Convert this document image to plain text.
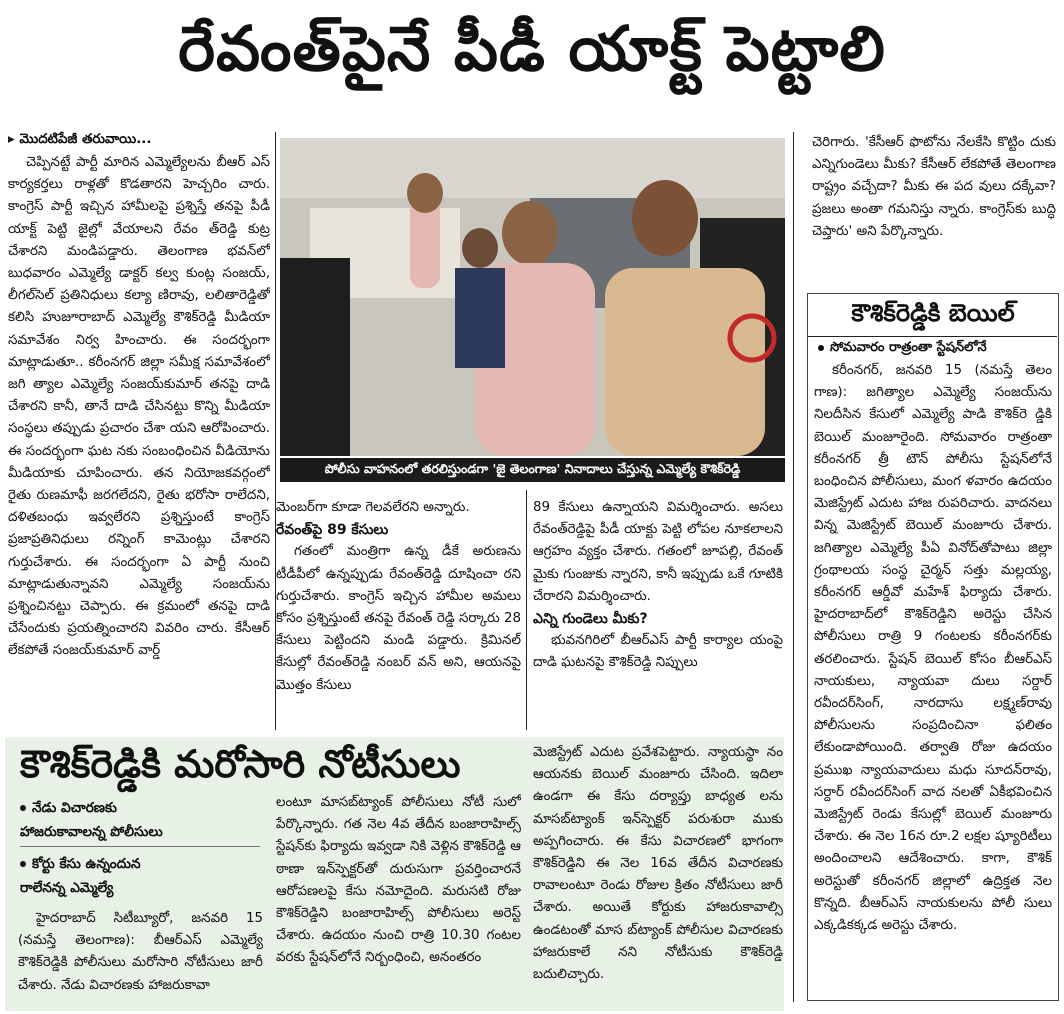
రేవంత్‌పైనే పీడీ యాక్ట్ పెట్టాలి
▸ మొదటిపేజీ తరువాయి...

చెప్పినట్టే పార్టీ మారిన ఎమ్మెల్యేలను బీఆర్ ఎస్ కార్యకర్తలు రాళ్లతో కొడతారని హెచ్చరిం చారు. కాంగ్రెస్ పార్టీ ఇచ్చిన హామీలపై ప్రశ్నిస్తే తనపై పీడీ యాక్ట్ పెట్టి జైల్లో వేయాలని రేవం త్‌రెడ్డి కుట్ర చేశారని మండిపడ్డారు. తెలంగాణ భవన్‌లో బుధవారం ఎమ్మెల్యే డాక్టర్ కల్వ కుంట్ల సంజయ్, లీగల్‌సెల్ ప్రతినిధులు కల్యా ణిరావు, లలితారెడ్డితో కలిసి హుజూరాబాద్ ఎమ్మెల్యే కౌశిక్‌రెడ్డి మీడియా సమావేశం నిర్వ హించారు. ఈ సందర్భంగా మాట్లాడుతూ.. కరీంనగర్ జిల్లా సమీక్ష సమావేశంలో జగి త్యాల ఎమ్మెల్యే సంజయ్‌కుమార్ తనపై దాడి చేశారని కానీ, తానే దాడి చేసినట్టు కొన్ని మీడియా సంస్థలు తప్పుడు ప్రచారం చేశా యని ఆరోపించారు. ఈ సందర్భంగా ఘట నకు సంబంధించిన వీడియోను మీడియాకు చూపించారు. తన నియోజకవర్గంలో రైతు రుణమాఫీ జరగలేదని, రైతు భరోసా రాలేదని, దళితబంధు ఇవ్వలేరని ప్రశ్నిస్తుంటే కాంగ్రెస్ ప్రజాప్రతినిధులు రన్నింగ్ కామెంట్లు చేశారని గుర్తుచేశారు. ఈ సందర్భంగా ఏ పార్టీ నుంచి మాట్లాడుతున్నావని ఎమ్మెల్యే సంజయ్‌ను ప్రశ్నించినట్టు చెప్పారు. ఈ క్రమంలో తనపై దాడి చేసేందుకు ప్రయత్నించారని వివరిం చారు. కేసీఆర్ లేకపోతే సంజయ్‌కుమార్ వార్డ్

పోలీసు వాహనంలో తరలిస్తుండగా 'జై తెలంగాణ' నినాదాలు చేస్తున్న ఎమ్మెల్యే కౌశిక్‌రెడ్డి

మెంబర్‌గా కూడా గెలవలేరని అన్నారు.

రేవంత్‌పై 89 కేసులు

గతంలో మంత్రిగా ఉన్న డీకే అరుణను టీడీపీలో ఉన్నప్పుడు రేవంత్‌రెడ్డి దూషించా రని గుర్తుచేశారు. కాంగ్రెస్ ఇచ్చిన హామీల అమలు కోసం ప్రశ్నిస్తుంటే తనపై రేవంత్ రెడ్డి సర్కారు 28 కేసులు పెట్టిందని మండి పడ్డారు. క్రిమినల్ కేసుల్లో రేవంత్‌రెడ్డి నంబర్ వన్ అని, ఆయనపై మొత్తం కేసులు

89 కేసులు ఉన్నాయని విమర్శించారు. అసలు రేవంత్‌రెడ్డిపై పీడీ యాక్టు పెట్టి లోపల నూకలాలని ఆగ్రహం వ్యక్తం చేశారు. గతంలో జూపల్లి, రేవంత్ మైకు గుంజుకు న్నారని, కానీ ఇప్పుడు ఒకే గూటికి చేరారని విమర్శించారు.

ఎన్ని గుండెలు మీకు?

భువనగిరిలో బీఆర్ఎస్ పార్టీ కార్యాల యంపై దాడి ఘటనపై కౌశిక్‌రెడ్డి నిప్పులు

చెరిగారు. 'కేసీఆర్ ఫొటోను నేలకేసి కొట్టిం దుకు ఎన్నిగుండెలు మీకు? కేసీఆర్ లేకపోతే తెలంగాణ రాష్ట్రం వచ్చేదా? మీకు ఈ పద వులు దక్కేవా? ప్రజలు అంతా గమనిస్తు న్నారు. కాంగ్రెస్‌కు బుద్ధి చెప్తారు' అని పేర్కొన్నారు.

కౌశిక్‌రెడ్డికి బెయిల్
సోమవారం రాత్రంతా స్టేషన్‌లోనే

కరీంనగర్, జనవరి 15 (నమస్తే తెలం గాణ): జగిత్యాల ఎమ్మెల్యే సంజయ్‌ను నిలదీసిన కేసులో ఎమ్మెల్యే పాడి కౌశిక్‌రె డ్డికి బెయిల్ మంజూరైంది. సోమవారం రాత్రంతా కరీంనగర్ త్రీ టౌన్ పోలీసు స్టేషన్‌లోనే బంధించిన పోలీసులు, మంగ ళవారం ఉదయం మెజిస్ట్రేట్ ఎదుట హాజ రుపరిచారు. వాదనలు విన్న మెజిస్ట్రేట్ బెయిల్ మంజూరు చేశారు. జగిత్యాల ఎమ్మెల్యే పీఏ వినోద్‌తోపాటు జిల్లా గ్రంథాలయ సంస్థ చైర్మన్ సత్తు మల్లయ్య, కరీంనగర్ ఆర్డీవో మహేశ్ ఫిర్యాదు చేశారు. హైదరాబాద్‌లో కౌశిక్‌రెడ్డిని అరెస్టు చేసిన పోలీసులు రాత్రి 9 గంటలకు కరీంనగర్‌కు తరలించారు. స్టేషన్ బెయిల్ కోసం బీఆర్ఎస్ నాయకులు, న్యాయవా దులు సర్దార్ రవీందర్‌సింగ్, నారదాసు లక్ష్మణ్‌రావు పోలీసులను సంప్రదించినా ఫలితం లేకుండాపోయింది. తర్వాతి రోజు ఉదయం ప్రముఖ న్యాయవాదులు మధు సూదన్‌రావు, సర్దార్ రవీందర్‌సింగ్ వాద నలతో ఏకీభవించిన మెజిస్ట్రేట్ రెండు కేసుల్లో బెయిల్ మంజూరు చేశారు. ఈ నెల 16న రూ.2 లక్షల ష్యూరిటీలు అందించాలని ఆదేశించారు. కాగా, కౌశిక్ అరెస్టుతో కరీంనగర్ జిల్లాలో ఉద్రిక్తత నెల కొన్నది. బీఆర్ఎస్ నాయకులను పోలీ సులు ఎక్కడికక్కడ అరెస్టు చేశారు.

కౌశిక్‌రెడ్డికి మరోసారి నోటీసులు
నేడు విచారణకు
హాజరుకావాలన్న పోలీసులు
కోర్టు కేసు ఉన్నందున
రాలేనన్న ఎమ్మెల్యే

హైదరాబాద్ సిటీబ్యూరో, జనవరి 15 (నమస్తే తెలంగాణ): బీఆర్ఎస్ ఎమ్మెల్యే కౌశిక్‌రెడ్డికి పోలీసులు మరోసారి నోటీసులు జారీ చేశారు. నేడు విచారణకు హాజరుకావా

లంటూ మాసబ్‌ట్యాంక్ పోలీసులు నోటీ సులో పేర్కొన్నారు. గత నెల 4వ తేదీన బంజారాహిల్స్ స్టేషన్‌కు ఫిర్యాదు ఇవ్వడా నికి వెళ్లిన కౌశిక్‌రెడ్డి ఆ ఠాణా ఇన్‌స్పెక్టర్‌తో దురుసుగా ప్రవర్తించారనే ఆరోపణలపై కేసు నమోదైంది. మరుసటి రోజు కౌశిక్‌రెడ్డిని బంజారాహిల్స్ పోలీసులు అరెస్ట్ చేశారు. ఉదయం నుంచి రాత్రి 10.30 గంటల వరకు స్టేషన్‌లోనే నిర్బంధించి, అనంతరం

మెజిస్ట్రేట్ ఎదుట ప్రవేశపెట్టారు. న్యాయస్థా నం ఆయనకు బెయిల్ మంజూరు చేసింది. ఇదిలా ఉండగా ఈ కేసు దర్యాప్తు బాధ్యత లను మాసబ్‌ట్యాంక్ ఇన్‌స్పెక్టర్ పరుశురా ముకు అప్పగించారు. ఈ కేసు విచారణలో భాగంగా కౌశిక్‌రెడ్డిని ఈ నెల 16వ తేదీన విచారణకు రావాలంటూ రెండు రోజుల క్రితం నోటీసులు జారీ చేశారు. అయితే కోర్టుకు హాజరుకావాల్సి ఉండటంతో మాస బ్‌ట్యాంక్ పోలీసుల విచారణకు హాజరుకాలే నని నోటీసుకు కౌశిక్‌రెడ్డి బదులిచ్చారు.
